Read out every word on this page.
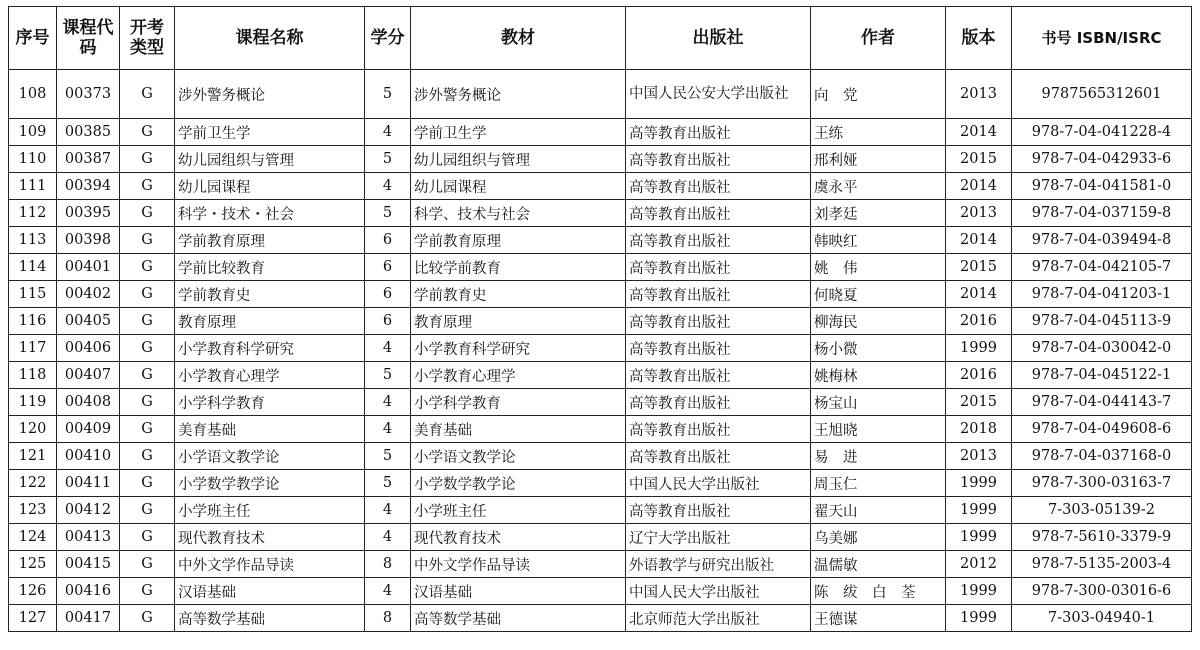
序号	课程代码	开考类型	课程名称	学分	教材	出版社	作者	版本	书号 ISBN/ISRC
108	00373	G	涉外警务概论	5	涉外警务概论	中国人民公安大学出版社	向　党	2013	9787565312601
109	00385	G	学前卫生学	4	学前卫生学	高等教育出版社	王练	2014	978-7-04-041228-4
110	00387	G	幼儿园组织与管理	5	幼儿园组织与管理	高等教育出版社	邢利娅	2015	978-7-04-042933-6
111	00394	G	幼儿园课程	4	幼儿园课程	高等教育出版社	虞永平	2014	978-7-04-041581-0
112	00395	G	科学・技术・社会	5	科学、技术与社会	高等教育出版社	刘孝廷	2013	978-7-04-037159-8
113	00398	G	学前教育原理	6	学前教育原理	高等教育出版社	韩映红	2014	978-7-04-039494-8
114	00401	G	学前比较教育	6	比较学前教育	高等教育出版社	姚　伟	2015	978-7-04-042105-7
115	00402	G	学前教育史	6	学前教育史	高等教育出版社	何晓夏	2014	978-7-04-041203-1
116	00405	G	教育原理	6	教育原理	高等教育出版社	柳海民	2016	978-7-04-045113-9
117	00406	G	小学教育科学研究	4	小学教育科学研究	高等教育出版社	杨小微	1999	978-7-04-030042-0
118	00407	G	小学教育心理学	5	小学教育心理学	高等教育出版社	姚梅林	2016	978-7-04-045122-1
119	00408	G	小学科学教育	4	小学科学教育	高等教育出版社	杨宝山	2015	978-7-04-044143-7
120	00409	G	美育基础	4	美育基础	高等教育出版社	王旭晓	2018	978-7-04-049608-6
121	00410	G	小学语文教学论	5	小学语文教学论	高等教育出版社	易　进	2013	978-7-04-037168-0
122	00411	G	小学数学教学论	5	小学数学教学论	中国人民大学出版社	周玉仁	1999	978-7-300-03163-7
123	00412	G	小学班主任	4	小学班主任	高等教育出版社	翟天山	1999	7-303-05139-2
124	00413	G	现代教育技术	4	现代教育技术	辽宁大学出版社	乌美娜	1999	978-7-5610-3379-9
125	00415	G	中外文学作品导读	8	中外文学作品导读	外语教学与研究出版社	温儒敏	2012	978-7-5135-2003-4
126	00416	G	汉语基础	4	汉语基础	中国人民大学出版社	陈　绂　白　荃	1999	978-7-300-03016-6
127	00417	G	高等数学基础	8	高等数学基础	北京师范大学出版社	王德谋	1999	7-303-04940-1
